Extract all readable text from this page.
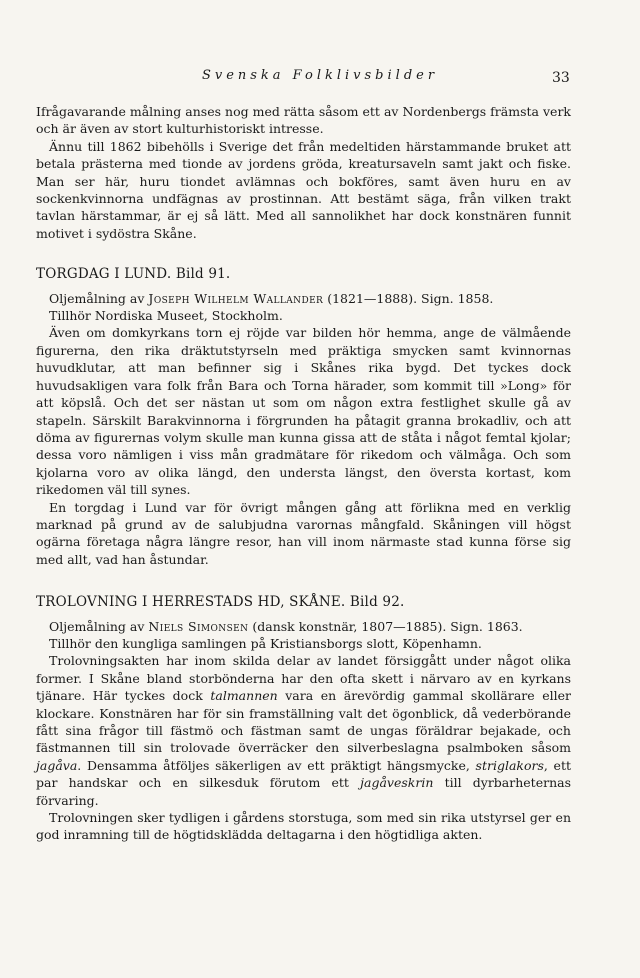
Svenska Folklivsbilder	33

Ifrågavarande målning anses nog med rätta såsom ett av Nordenbergs främsta verk och är även av stort kulturhistoriskt intresse.

Ännu till 1862 bibehölls i Sverige det från medeltiden härstammande bruket att betala prästerna med tionde av jordens gröda, kreatursaveln samt jakt och fiske. Man ser här, huru tiondet avlämnas och bokföres, samt även huru en av sockenkvinnorna undfägnas av prostinnan. Att bestämt säga, från vilken trakt tavlan härstammar, är ej så lätt. Med all sannolikhet har dock konstnären funnit motivet i sydöstra Skåne.

TORGDAG I LUND. Bild 91.

Oljemålning av Joseph Wilhelm Wallander (1821—1888). Sign. 1858.

Tillhör Nordiska Museet, Stockholm.

Även om domkyrkans torn ej röjde var bilden hör hemma, ange de välmående figurerna, den rika dräktutstyrseln med präktiga smycken samt kvinnornas huvudklutar, att man befinner sig i Skånes rika bygd. Det tyckes dock huvudsakligen vara folk från Bara och Torna härader, som kommit till »Long» för att köpslå. Och det ser nästan ut som om någon extra festlighet skulle gå av stapeln. Särskilt Barakvinnorna i förgrunden ha påtagit granna brokadliv, och att döma av figurernas volym skulle man kunna gissa att de ståta i något femtal kjolar; dessa voro nämligen i viss mån gradmätare för rikedom och välmåga. Och som kjolarna voro av olika längd, den understa längst, den översta kortast, kom rikedomen väl till synes.

En torgdag i Lund var för övrigt mången gång att förlikna med en verklig marknad på grund av de salubjudna varornas mångfald. Skåningen vill högst ogärna företaga några längre resor, han vill inom närmaste stad kunna förse sig med allt, vad han åstundar.

TROLOVNING I HERRESTADS HD, SKÅNE. Bild 92.

Oljemålning av Niels Simonsen (dansk konstnär, 1807—1885). Sign. 1863.

Tillhör den kungliga samlingen på Kristiansborgs slott, Köpenhamn.

Trolovningsakten har inom skilda delar av landet försiggått under något olika former. I Skåne bland storbönderna har den ofta skett i närvaro av en kyrkans tjänare. Här tyckes dock talmannen vara en ärevördig gammal skollärare eller klockare. Konstnären har för sin framställning valt det ögonblick, då vederbörande fått sina frågor till fästmö och fästman samt de ungas föräldrar bejakade, och fästmannen till sin trolovade överräcker den silverbeslagna psalmboken såsom jagåva. Densamma åtföljes säkerligen av ett präktigt hängsmycke, striglakors, ett par handskar och en silkesduk förutom ett jagåveskrin till dyrbarheternas förvaring.

Trolovningen sker tydligen i gårdens storstuga, som med sin rika utstyrsel ger en god inramning till de högtidsklädda deltagarna i den högtidliga akten.
